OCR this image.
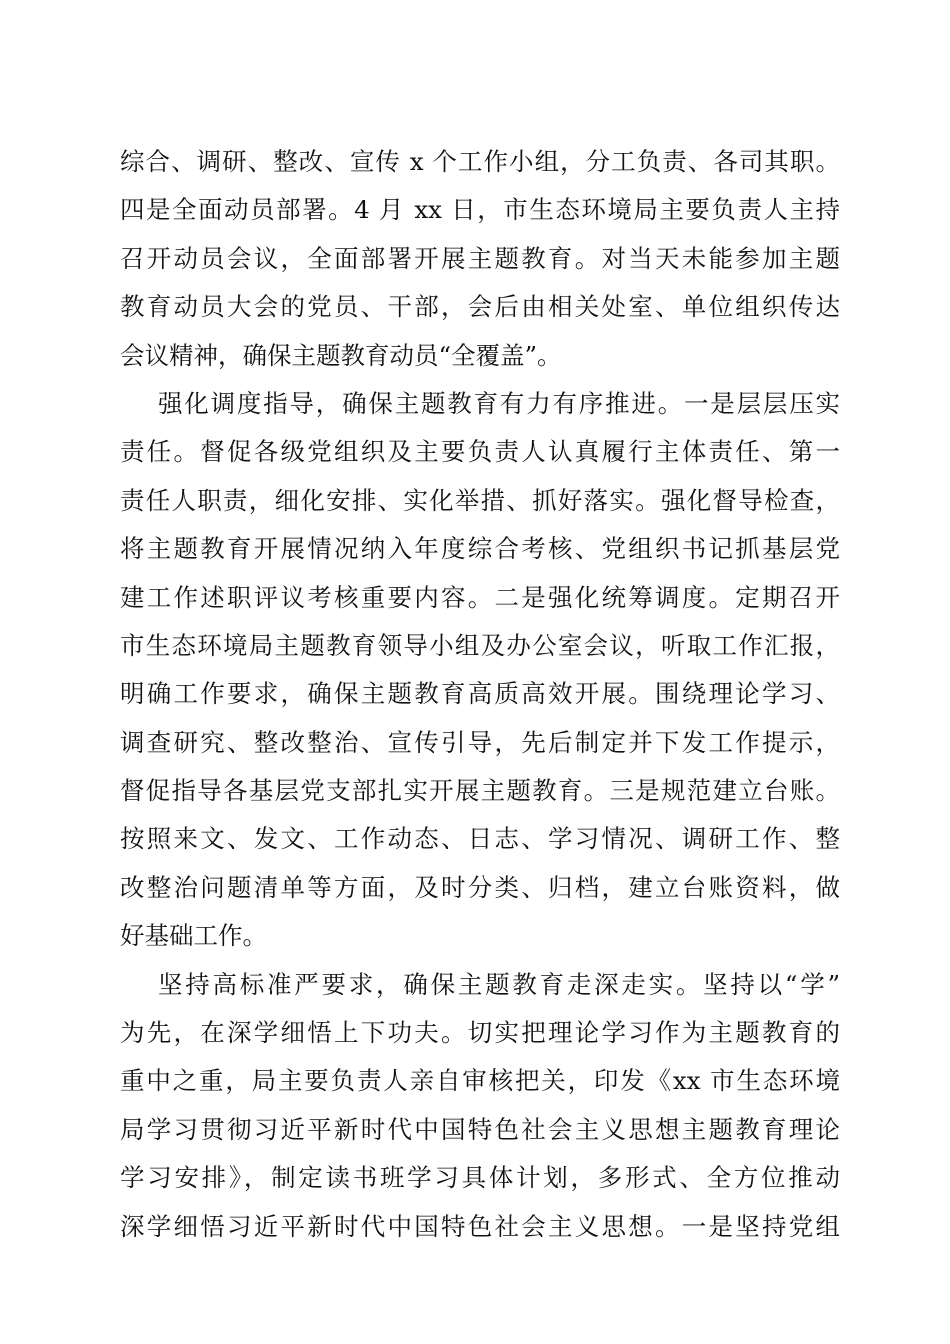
综合、调研、整改、宣传 x 个工作小组，分工负责、各司其职。
四是全面动员部署。4 月 xx 日，市生态环境局主要负责人主持
召开动员会议，全面部署开展主题教育。对当天未能参加主题
教育动员大会的党员、干部，会后由相关处室、单位组织传达
会议精神，确保主题教育动员“全覆盖”。
强化调度指导，确保主题教育有力有序推进。一是层层压实
责任。督促各级党组织及主要负责人认真履行主体责任、第一
责任人职责，细化安排、实化举措、抓好落实。强化督导检查，
将主题教育开展情况纳入年度综合考核、党组织书记抓基层党
建工作述职评议考核重要内容。二是强化统筹调度。定期召开
市生态环境局主题教育领导小组及办公室会议，听取工作汇报，
明确工作要求，确保主题教育高质高效开展。围绕理论学习、
调查研究、整改整治、宣传引导，先后制定并下发工作提示，
督促指导各基层党支部扎实开展主题教育。三是规范建立台账。
按照来文、发文、工作动态、日志、学习情况、调研工作、整
改整治问题清单等方面，及时分类、归档，建立台账资料，做
好基础工作。
坚持高标准严要求，确保主题教育走深走实。坚持以“学”
为先，在深学细悟上下功夫。切实把理论学习作为主题教育的
重中之重，局主要负责人亲自审核把关，印发《xx 市生态环境
局学习贯彻习近平新时代中国特色社会主义思想主题教育理论
学习安排》，制定读书班学习具体计划，多形式、全方位推动
深学细悟习近平新时代中国特色社会主义思想。一是坚持党组
